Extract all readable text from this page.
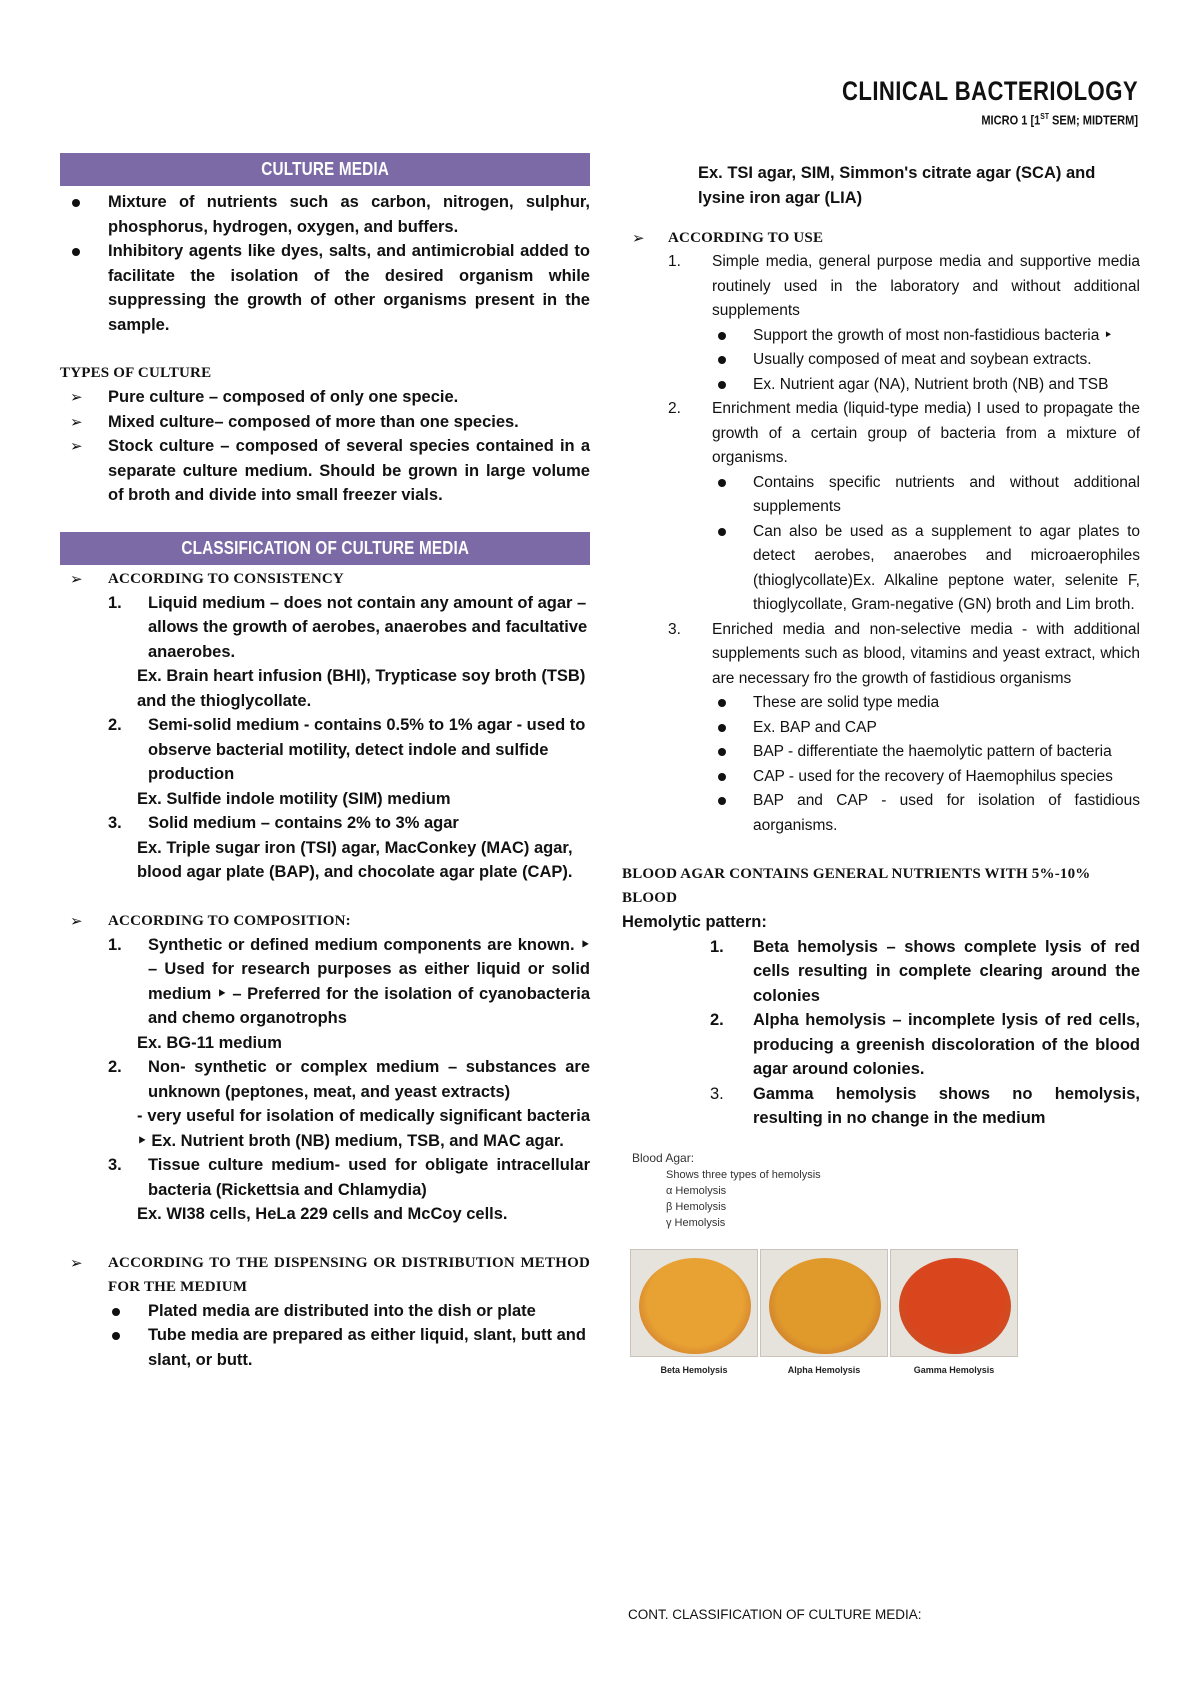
CLINICAL BACTERIOLOGY
MICRO 1 [1ST SEM; MIDTERM]
CULTURE MEDIA
Mixture of nutrients such as carbon, nitrogen, sulphur, phosphorus, hydrogen, oxygen, and buffers.
Inhibitory agents like dyes, salts, and antimicrobial added to facilitate the isolation of the desired organism while suppressing the growth of other organisms present in the sample.
TYPES OF CULTURE
➢	Pure culture – composed of only one specie.
➢	Mixed culture– composed of more than one species.
➢	Stock culture – composed of several species contained in a separate culture medium. Should be grown in large volume of broth and divide into small freezer vials.
CLASSIFICATION OF CULTURE MEDIA
➢	ACCORDING TO CONSISTENCY
1.	Liquid medium – does not contain any amount of agar – allows the growth of aerobes, anaerobes and facultative anaerobes.
Ex. Brain heart infusion (BHI), Trypticase soy broth (TSB) and the thioglycollate.
2.	Semi-solid medium - contains 0.5% to 1% agar - used to observe bacterial motility, detect indole and sulfide production
Ex. Sulfide indole motility (SIM) medium
3.	Solid medium – contains 2% to 3% agar
Ex. Triple sugar iron (TSI) agar, MacConkey (MAC) agar, blood agar plate (BAP), and chocolate agar plate (CAP).
➢	ACCORDING TO COMPOSITION:
1.	Synthetic or defined medium components are known. ‣ – Used for research purposes as either liquid or solid medium ‣ – Preferred for the isolation of cyanobacteria and chemo organotrophs
Ex. BG-11 medium
2.	Non- synthetic or complex medium – substances are unknown (peptones, meat, and yeast extracts)
- very useful for isolation of medically significant bacteria ‣ Ex. Nutrient broth (NB) medium, TSB, and MAC agar.
3.	Tissue culture medium- used for obligate intracellular bacteria (Rickettsia and Chlamydia)
Ex. WI38 cells, HeLa 229 cells and McCoy cells.
➢	ACCORDING TO THE DISPENSING OR DISTRIBUTION METHOD FOR THE MEDIUM
Plated media are distributed into the dish or plate
Tube media are prepared as either liquid, slant, butt and slant, or butt.
Ex. TSI agar, SIM, Simmon's citrate agar (SCA) and lysine iron agar (LIA)
➢	ACCORDING TO USE
1.	Simple media, general purpose media and supportive media routinely used in the laboratory and without additional supplements
Support the growth of most non-fastidious bacteria ‣
Usually composed of meat and soybean extracts.
Ex. Nutrient agar (NA), Nutrient broth (NB) and TSB
2.	Enrichment media (liquid-type media) I used to propagate the growth of a certain group of bacteria from a mixture of organisms.
Contains specific nutrients and without additional supplements
Can also be used as a supplement to agar plates to detect aerobes, anaerobes and microaerophiles (thioglycollate)Ex. Alkaline peptone water, selenite F, thioglycollate, Gram-negative (GN) broth and Lim broth.
3.	Enriched media and non-selective media - with additional supplements such as blood, vitamins and yeast extract, which are necessary fro the growth of fastidious organisms
These are solid type media
Ex. BAP and CAP
BAP - differentiate the haemolytic pattern of bacteria
CAP - used for the recovery of Haemophilus species
BAP and CAP - used for isolation of fastidious aorganisms.
BLOOD AGAR CONTAINS GENERAL NUTRIENTS WITH 5%-10% BLOOD
Hemolytic pattern:
1.	Beta hemolysis – shows complete lysis of red cells resulting in complete clearing around the colonies
2.	Alpha hemolysis – incomplete lysis of red cells, producing a greenish discoloration of the blood agar around colonies.
3.	Gamma hemolysis shows no hemolysis, resulting in no change in the medium
Blood Agar:
Shows three types of hemolysis
α Hemolysis
β Hemolysis
γ Hemolysis
Beta Hemolysis	Alpha Hemolysis	Gamma Hemolysis
CONT. CLASSIFICATION OF CULTURE MEDIA:
